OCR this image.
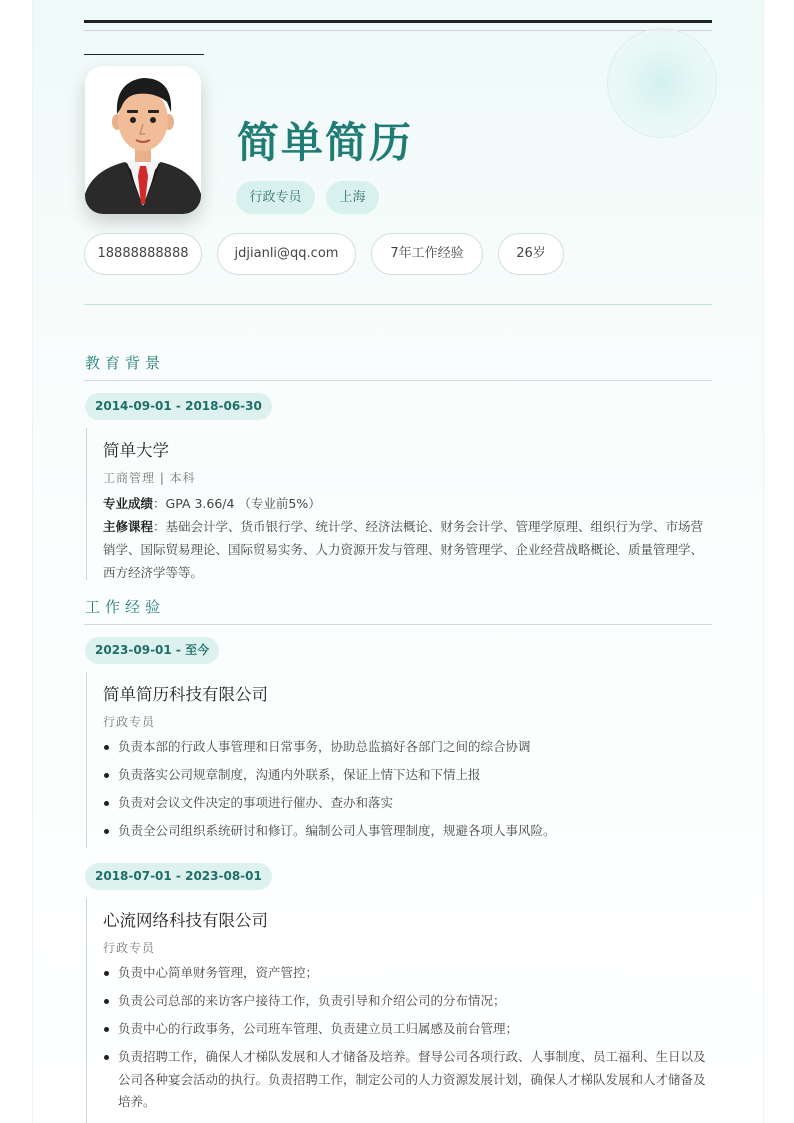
简单简历
行政专员	上海
18888888888	jdjianli@qq.com	7年工作经验	26岁
教育背景
2014-09-01 - 2018-06-30
简单大学
工商管理 | 本科
专业成绩：GPA 3.66/4 （专业前5%）
主修课程：基础会计学、货币银行学、统计学、经济法概论、财务会计学、管理学原理、组织行为学、市场营销学、国际贸易理论、国际贸易实务、人力资源开发与管理、财务管理学、企业经营战略概论、质量管理学、西方经济学等等。
工作经验
2023-09-01 - 至今
简单简历科技有限公司
行政专员
负责本部的行政人事管理和日常事务，协助总监搞好各部门之间的综合协调
负责落实公司规章制度，沟通内外联系，保证上情下达和下情上报
负责对会议文件决定的事项进行催办、查办和落实
负责全公司组织系统研讨和修订。编制公司人事管理制度，规避各项人事风险。
2018-07-01 - 2023-08-01
心流网络科技有限公司
行政专员
负责中心简单财务管理，资产管控；
负责公司总部的来访客户接待工作，负责引导和介绍公司的分布情况；
负责中心的行政事务，公司班车管理、负责建立员工归属感及前台管理；
负责招聘工作，确保人才梯队发展和人才储备及培养。督导公司各项行政、人事制度、员工福利、生日以及公司各种宴会活动的执行。负责招聘工作，制定公司的人力资源发展计划，确保人才梯队发展和人才储备及培养。
